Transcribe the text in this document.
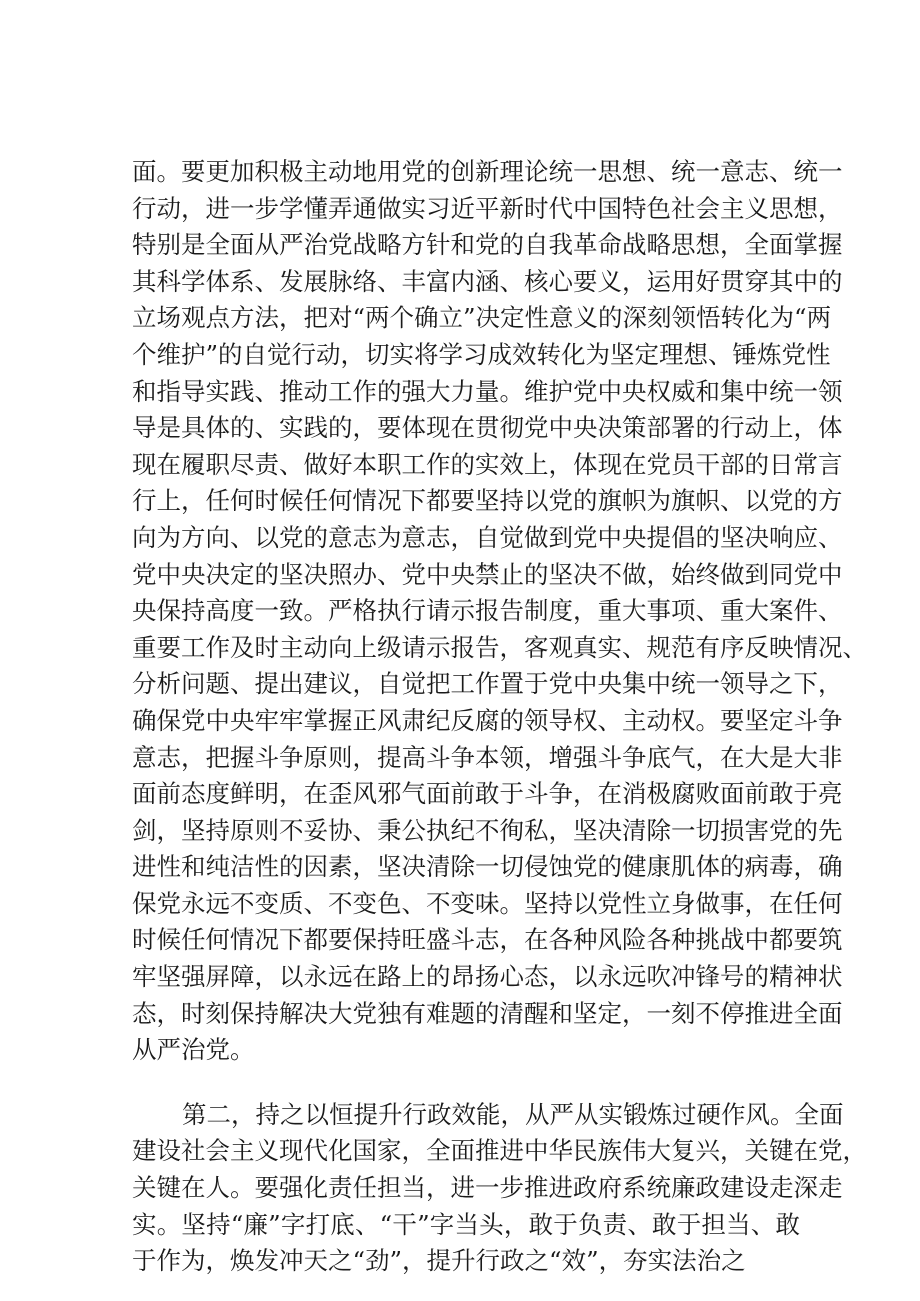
面。要更加积极主动地用党的创新理论统一思想、统一意志、统一
行动，进一步学懂弄通做实习近平新时代中国特色社会主义思想，
特别是全面从严治党战略方针和党的自我革命战略思想，全面掌握
其科学体系、发展脉络、丰富内涵、核心要义，运用好贯穿其中的
立场观点方法，把对“两个确立”决定性意义的深刻领悟转化为“两
个维护”的自觉行动，切实将学习成效转化为坚定理想、锤炼党性
和指导实践、推动工作的强大力量。维护党中央权威和集中统一领
导是具体的、实践的，要体现在贯彻党中央决策部署的行动上，体
现在履职尽责、做好本职工作的实效上，体现在党员干部的日常言
行上，任何时候任何情况下都要坚持以党的旗帜为旗帜、以党的方
向为方向、以党的意志为意志，自觉做到党中央提倡的坚决响应、
党中央决定的坚决照办、党中央禁止的坚决不做，始终做到同党中
央保持高度一致。严格执行请示报告制度，重大事项、重大案件、
重要工作及时主动向上级请示报告，客观真实、规范有序反映情况、
分析问题、提出建议，自觉把工作置于党中央集中统一领导之下，
确保党中央牢牢掌握正风肃纪反腐的领导权、主动权。要坚定斗争
意志，把握斗争原则，提高斗争本领，增强斗争底气，在大是大非
面前态度鲜明，在歪风邪气面前敢于斗争，在消极腐败面前敢于亮
剑，坚持原则不妥协、秉公执纪不徇私，坚决清除一切损害党的先
进性和纯洁性的因素，坚决清除一切侵蚀党的健康肌体的病毒，确
保党永远不变质、不变色、不变味。坚持以党性立身做事，在任何
时候任何情况下都要保持旺盛斗志，在各种风险各种挑战中都要筑
牢坚强屏障，以永远在路上的昂扬心态，以永远吹冲锋号的精神状
态，时刻保持解决大党独有难题的清醒和坚定，一刻不停推进全面
从严治党。
第二，持之以恒提升行政效能，从严从实锻炼过硬作风。全面
建设社会主义现代化国家，全面推进中华民族伟大复兴，关键在党，
关键在人。要强化责任担当，进一步推进政府系统廉政建设走深走
实。坚持“廉”字打底、“干”字当头，敢于负责、敢于担当、敢
于作为，焕发冲天之“劲”，提升行政之“效”，夯实法治之
